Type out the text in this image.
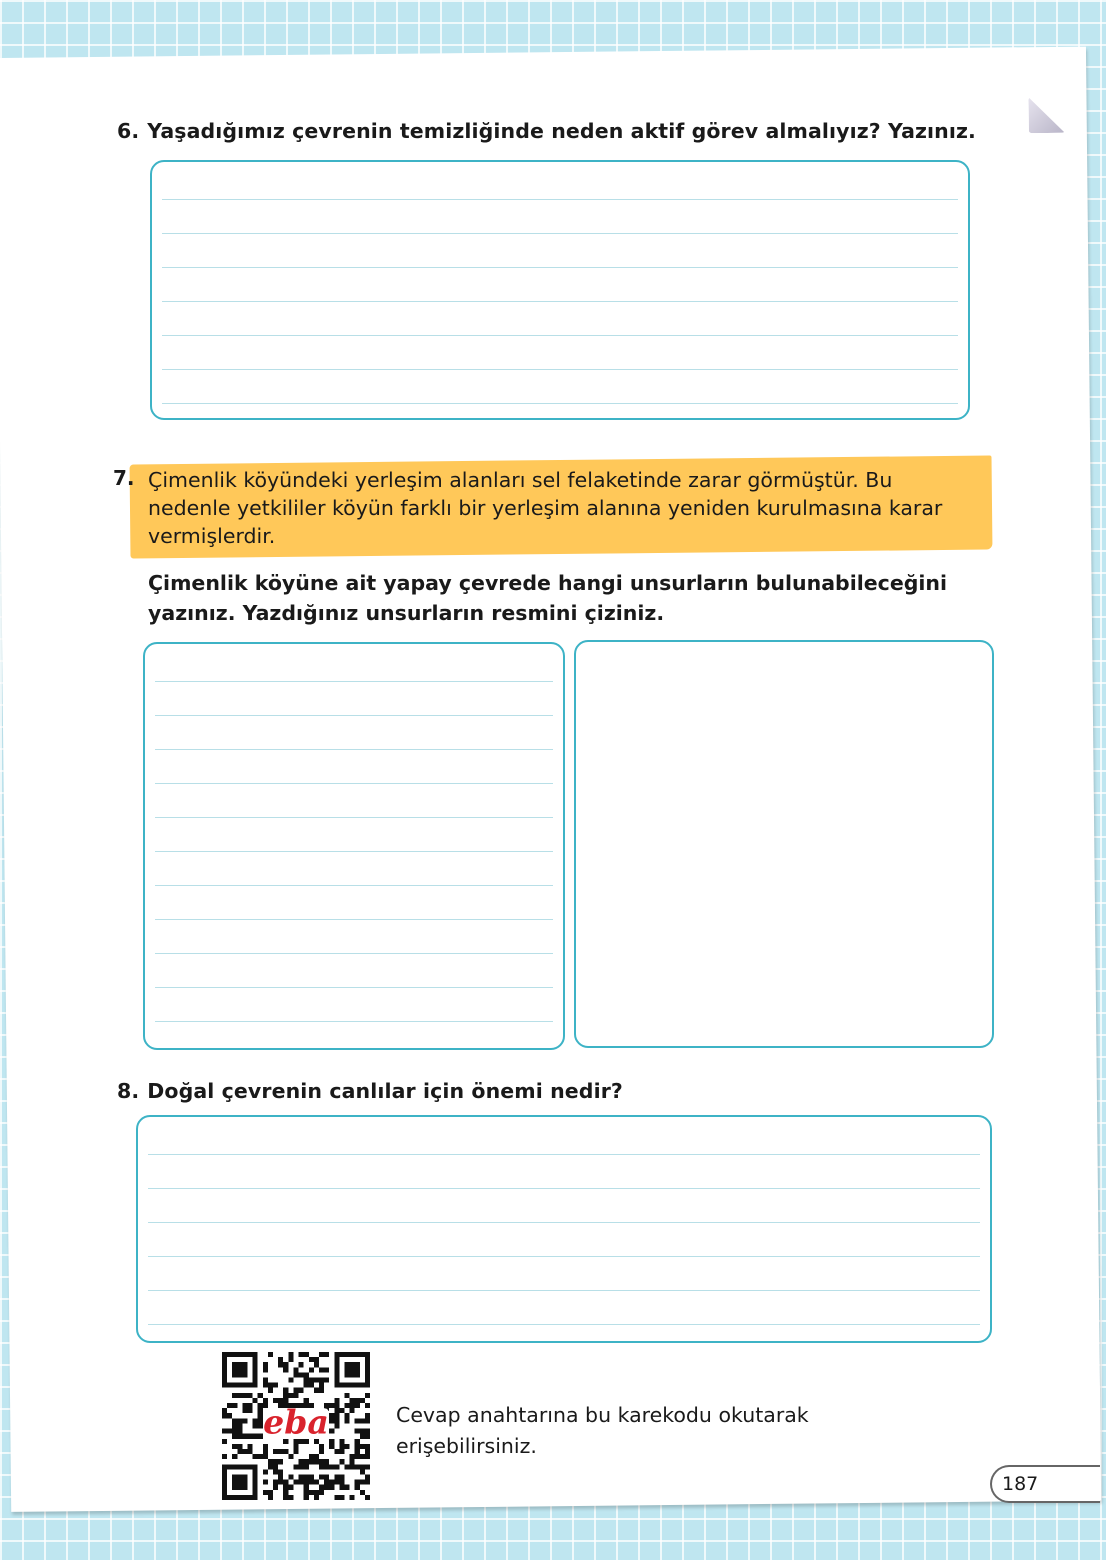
6. Yaşadığımız çevrenin temizliğinde neden aktif görev almalıyız? Yazınız.

7. Çimenlik köyündeki yerleşim alanları sel felaketinde zarar görmüştür. Bu nedenle yetkililer köyün farklı bir yerleşim alanına yeniden kurulmasına karar vermişlerdir.

Çimenlik köyüne ait yapay çevrede hangi unsurların bulunabileceğini yazınız. Yazdığınız unsurların resmini çiziniz.

8. Doğal çevrenin canlılar için önemi nedir?

eba	Cevap anahtarına bu karekodu okutarak erişebilirsiniz.

187
